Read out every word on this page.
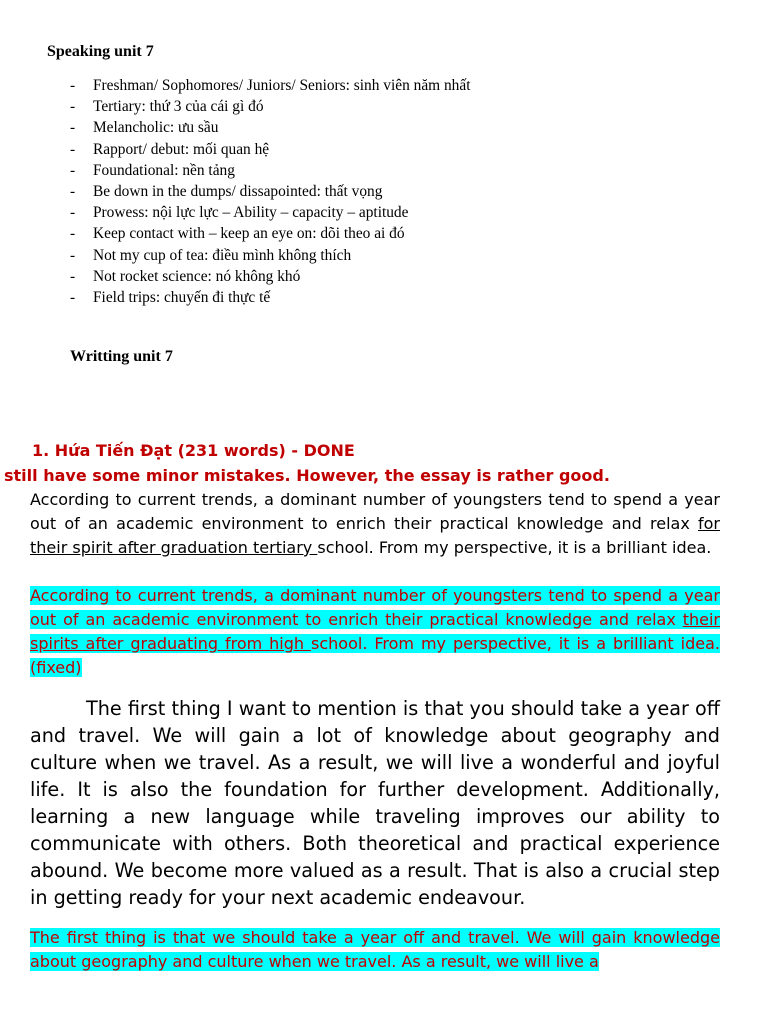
Speaking unit 7

- Freshman/ Sophomores/ Juniors/ Seniors: sinh viên năm nhất
- Tertiary: thứ 3 của cái gì đó
- Melancholic: ưu sầu
- Rapport/ debut: mối quan hệ
- Foundational: nền tảng
- Be down in the dumps/ dissapointed: thất vọng
- Prowess: nội lực lực – Ability – capacity – aptitude
- Keep contact with – keep an eye on: dõi theo ai đó
- Not my cup of tea: điều mình không thích
- Not rocket science: nó không khó
- Field trips: chuyến đi thực tế

Writting unit 7

1. Hứa Tiến Đạt (231 words) - DONE

still have some minor mistakes. However, the essay is rather good.

According to current trends, a dominant number of youngsters tend to spend a year out of an academic environment to enrich their practical knowledge and relax for their spirit after graduation tertiary school. From my perspective, it is a brilliant idea.

According to current trends, a dominant number of youngsters tend to spend a year out of an academic environment to enrich their practical knowledge and relax their spirits after graduating from high school. From my perspective, it is a brilliant idea. (fixed)

The first thing I want to mention is that you should take a year off and travel. We will gain a lot of knowledge about geography and culture when we travel. As a result, we will live a wonderful and joyful life. It is also the foundation for further development. Additionally, learning a new language while traveling improves our ability to communicate with others. Both theoretical and practical experience abound. We become more valued as a result. That is also a crucial step in getting ready for your next academic endeavour.

The first thing is that we should take a year off and travel. We will gain knowledge about geography and culture when we travel. As a result, we will live a
